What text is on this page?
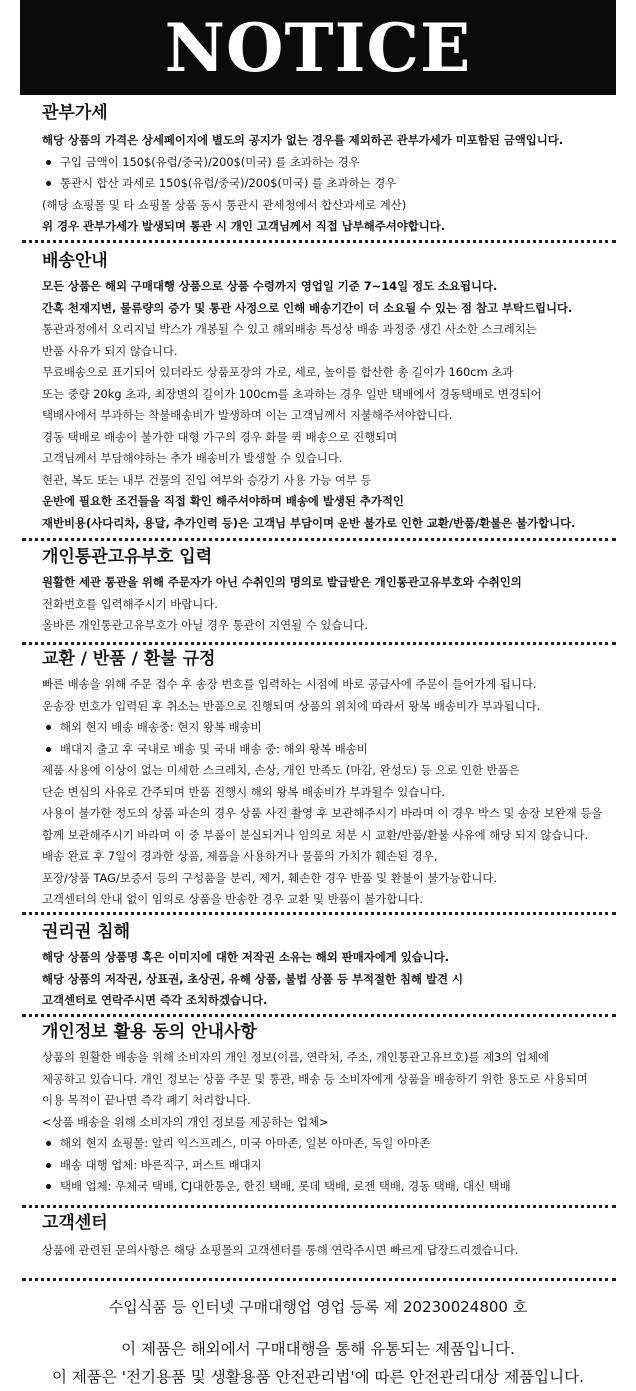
NOTICE
관부가세
해당 상품의 가격은 상세페이지에 별도의 공지가 없는 경우를 제외하곤 관부가세가 미포함된 금액입니다.
구입 금액이 150$(유럽/중국)/200$(미국) 를 초과하는 경우
통관시 합산 과세로 150$(유럽/중국)/200$(미국) 를 초과하는 경우
(해당 쇼핑몰 및 타 쇼핑몰 상품 동시 통관시 관세청에서 합산과세로 계산)
위 경우 관부가세가 발생되며 통관 시 개인 고객님께서 직접 납부해주셔야합니다.
배송안내
모든 상품은 해외 구매대행 상품으로 상품 수령까지 영업일 기준 7~14일 정도 소요됩니다.
간혹 천재지변, 물류량의 증가 및 통관 사정으로 인해 배송기간이 더 소요될 수 있는 점 참고 부탁드립니다.
통관과정에서 오리지널 박스가 개봉될 수 있고 해외배송 특성상 배송 과정중 생긴 사소한 스크레치는
반품 사유가 되지 않습니다.
무료배송으로 표기되어 있더라도 상품포장의 가로, 세로, 높이를 합산한 총 길이가 160cm 초과
또는 중량 20kg 초과, 최장변의 길이가 100cm를 초과하는 경우 일반 택배에서 경동택배로 변경되어
택배사에서 부과하는 착불배송비가 발생하며 이는 고객님께서 지불해주셔야합니다.
경동 택배로 배송이 불가한 대형 가구의 경우 화물 퀵 배송으로 진행되며
고객님께서 부담해야하는 추가 배송비가 발생할 수 있습니다.
현관, 복도 또는 내부 건물의 진입 여부와 승강기 사용 가능 여부 등
운반에 필요한 조건들을 직접 확인 해주셔야하며 배송에 발생된 추가적인
재반비용(사다리차, 용달, 추가인력 등)은 고객님 부담이며 운반 불가로 인한 교환/반품/환불은 불가합니다.
개인통관고유부호 입력
원활한 세관 통관을 위해 주문자가 아닌 수취인의 명의로 발급받은 개인통관고유부호와 수취인의
전화번호를 입력해주시기 바랍니다.
올바른 개인통관고유부호가 아닐 경우 통관이 지연될 수 있습니다.
교환 / 반품 / 환불 규정
빠른 배송을 위해 주문 접수 후 송장 번호를 입력하는 시점에 바로 공급사에 주문이 들어가게 됩니다.
운송장 번호가 입력된 후 취소는 반품으로 진행되며 상품의 위치에 따라서 왕복 배송비가 부과됩니다.
해외 현지 배송 배송중: 현지 왕복 배송비
배대지 출고 후 국내로 배송 및 국내 배송 중: 해외 왕복 배송비
제품 사용에 이상이 없는 미세한 스크레치, 손상, 개인 만족도 (마감, 완성도) 등 으로 인한 반품은
단순 변심의 사유로 간주되며 반품 진행시 해외 왕복 배송비가 부과될수 있습니다.
사용이 불가한 정도의 상품 파손의 경우 상품 사진 촬영 후 보관해주시기 바라며 이 경우 박스 및 송장 보완재 등을
함께 보관해주시기 바라며 이 중 부품이 분실되거나 임의로 처분 시 교환/반품/환불 사유에 해당 되지 않습니다.
배송 완료 후 7일이 경과한 상품, 제품을 사용하거나 물품의 가치가 훼손된 경우,
포장/상품 TAG/보증서 등의 구성품을 분리, 제거, 훼손한 경우 반품 및 환불이 불가능합니다.
고객센터의 안내 없이 임의로 상품을 반송한 경우 교환 및 반품이 불가합니다.
권리권 침해
해당 상품의 상품명 혹은 이미지에 대한 저작권 소유는 해외 판매자에게 있습니다.
해당 상품의 저작권, 상표권, 초상권, 유해 상품, 불법 상품 등 부적절한 침해 발견 시
고객센터로 연락주시면 즉각 조치하겠습니다.
개인정보 활용 동의 안내사항
상품의 원활한 배송을 위해 소비자의 개인 정보(이름, 연락처, 주소, 개인통관고유브호)를 제3의 업체에
제공하고 있습니다. 개인 정보는 상품 주문 및 통관, 배송 등 소비자에게 상품을 배송하기 위한 용도로 사용되며
이용 목적이 끝나면 즉각 폐기 처리합니다.
<상품 배송을 위해 소비자의 개인 정보를 제공하는 업체>
해외 현지 쇼핑몰: 알리 익스프레스, 미국 아마존, 일본 아마존, 독일 아마존
배송 대행 업체: 바른직구, 퍼스트 배대지
택배 업체: 우체국 택배, CJ대한통운, 한진 택배, 롯데 택배, 로젠 택배, 경동 택배, 대신 택배
고객센터
상품에 관련된 문의사항은 해당 쇼핑몰의 고객센터를 통해 연락주시면 빠르게 답장드리겠습니다.
수입식품 등 인터넷 구매대행업 영업 등록 제 20230024800 호
이 제품은 해외에서 구매대행을 통해 유통되는 제품입니다.
이 제품은 '전기용품 및 생활용품 안전관리법'에 따른 안전관리대상 제품입니다.
